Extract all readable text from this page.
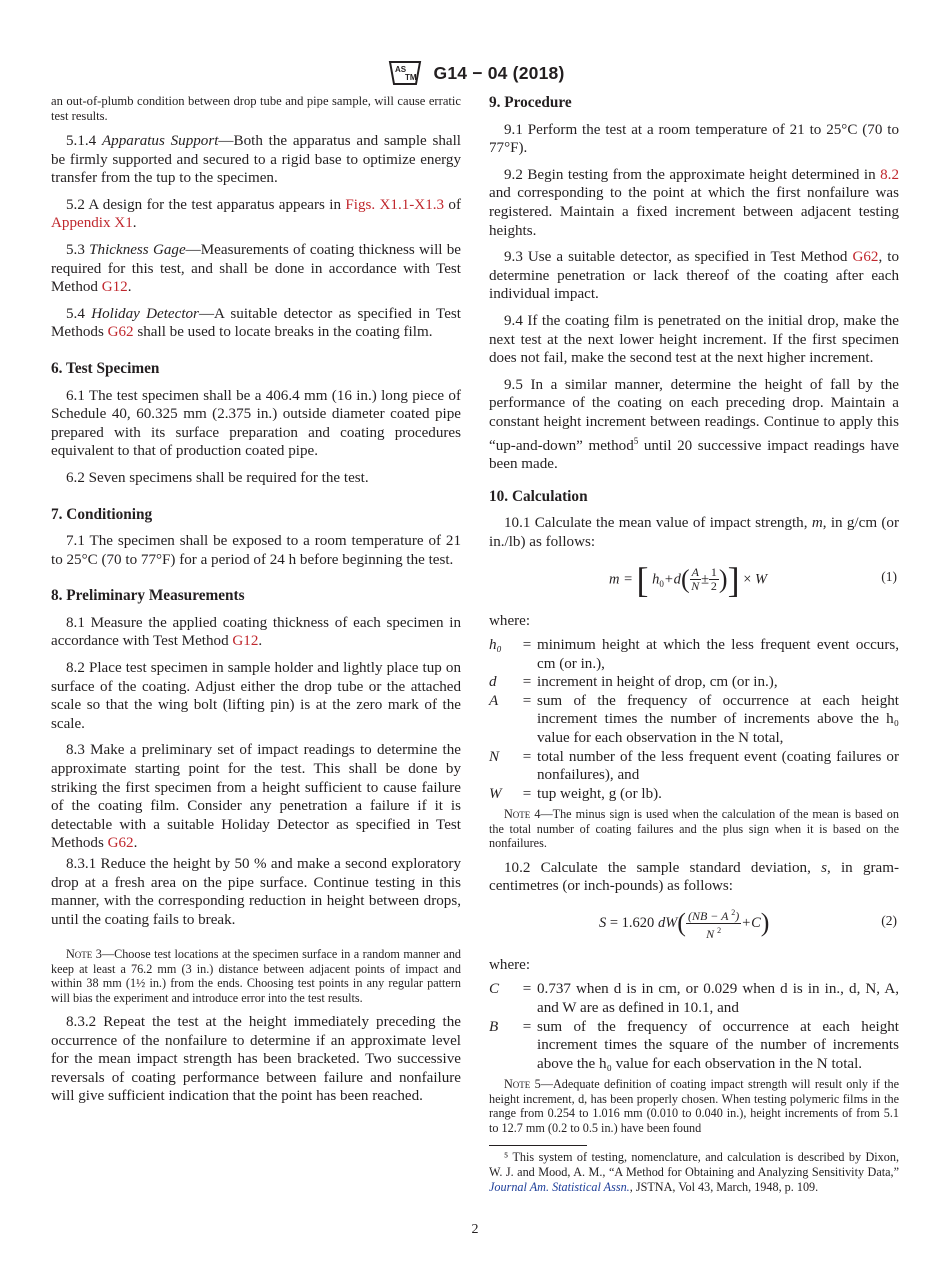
AS
TM G14 − 04 (2018)

an out-of-plumb condition between drop tube and pipe sample, will cause erratic test results.

5.1.4 Apparatus Support—Both the apparatus and sample shall be firmly supported and secured to a rigid base to optimize energy transfer from the tup to the specimen.

5.2 A design for the test apparatus appears in Figs. X1.1-X1.3 of Appendix X1.

5.3 Thickness Gage—Measurements of coating thickness will be required for this test, and shall be done in accordance with Test Method G12.

5.4 Holiday Detector—A suitable detector as specified in Test Methods G62 shall be used to locate breaks in the coating film.

6. Test Specimen

6.1 The test specimen shall be a 406.4 mm (16 in.) long piece of Schedule 40, 60.325 mm (2.375 in.) outside diameter coated pipe prepared with its surface preparation and coating procedures equivalent to that of production coated pipe.

6.2 Seven specimens shall be required for the test.

7. Conditioning

7.1 The specimen shall be exposed to a room temperature of 21 to 25°C (70 to 77°F) for a period of 24 h before beginning the test.

8. Preliminary Measurements

8.1 Measure the applied coating thickness of each specimen in accordance with Test Method G12.

8.2 Place test specimen in sample holder and lightly place tup on surface of the coating. Adjust either the drop tube or the attached scale so that the wing bolt (lifting pin) is at the zero mark of the scale.

8.3 Make a preliminary set of impact readings to determine the approximate starting point for the test. This shall be done by striking the first specimen from a height sufficient to cause failure of the coating film. Consider any penetration a failure if it is detectable with a suitable Holiday Detector as specified in Test Methods G62.

8.3.1 Reduce the height by 50 % and make a second exploratory drop at a fresh area on the pipe surface. Continue testing in this manner, with the corresponding reduction in height between drops, until the coating fails to break.

Note 3—Choose test locations at the specimen surface in a random manner and keep at least a 76.2 mm (3 in.) distance between adjacent points of impact and within 38 mm (1½ in.) from the ends. Choosing test points in any regular pattern will bias the experiment and introduce error into the test results.

8.3.2 Repeat the test at the height immediately preceding the occurrence of the nonfailure to determine if an approximate level for the mean impact strength has been bracketed. Two successive reversals of coating performance between failure and nonfailure will give sufficient indication that the point has been reached.

9. Procedure

9.1 Perform the test at a room temperature of 21 to 25°C (70 to 77°F).

9.2 Begin testing from the approximate height determined in 8.2 and corresponding to the point at which the first nonfailure was registered. Maintain a fixed increment between adjacent testing heights.

9.3 Use a suitable detector, as specified in Test Method G62, to determine penetration or lack thereof of the coating after each individual impact.

9.4 If the coating film is penetrated on the initial drop, make the next test at the next lower height increment. If the first specimen does not fail, make the second test at the next higher increment.

9.5 In a similar manner, determine the height of fall by the performance of the coating on each preceding drop. Maintain a constant height increment between readings. Continue to apply this “up-and-down” method$^5$ until 20 successive impact readings have been made.

10. Calculation

10.1 Calculate the mean value of impact strength, m, in g/cm (or in./lb) as follows:

m = [ $h_0+d( \frac{A}{N} \pm \frac{1}{2}$ )] × W	(1)
where:
h₀	= minimum height at which the less frequent event occurs, cm (or in.),
d	= increment in height of drop, cm (or in.),
A	= sum of the frequency of occurrence at each height increment times the number of increments above the h₀ value for each observation in the N total,
N	= total number of the less frequent event (coating failures or nonfailures), and
W	= tup weight, g (or lb).

Note 4—The minus sign is used when the calculation of the mean is based on the total number of coating failures and the plus sign when it is based on the nonfailures.

10.2 Calculate the sample standard deviation, s, in gram-centimetres (or inch-pounds) as follows:

S = 1.620 $dW( \frac{(NB - A ^2)}{N ^2} +C)$	(2)
where:
C	= 0.737 when d is in cm, or 0.029 when d is in in., d, N, A, and W are as defined in 10.1, and
B	= sum of the frequency of occurrence at each height increment times the square of the number of increments above the h₀ value for each observation in the N total.

Note 5—Adequate definition of coating impact strength will result only if the height increment, d, has been properly chosen. When testing polymeric films in the range from 0.254 to 1.016 mm (0.010 to 0.040 in.), height increments of from 5.1 to 12.7 mm (0.2 to 0.5 in.) have been found

⁵ This system of testing, nomenclature, and calculation is described by Dixon, W. J. and Mood, A. M., “A Method for Obtaining and Analyzing Sensitivity Data,” Journal Am. Statistical Assn., JSTNA, Vol 43, March, 1948, p. 109.

2
